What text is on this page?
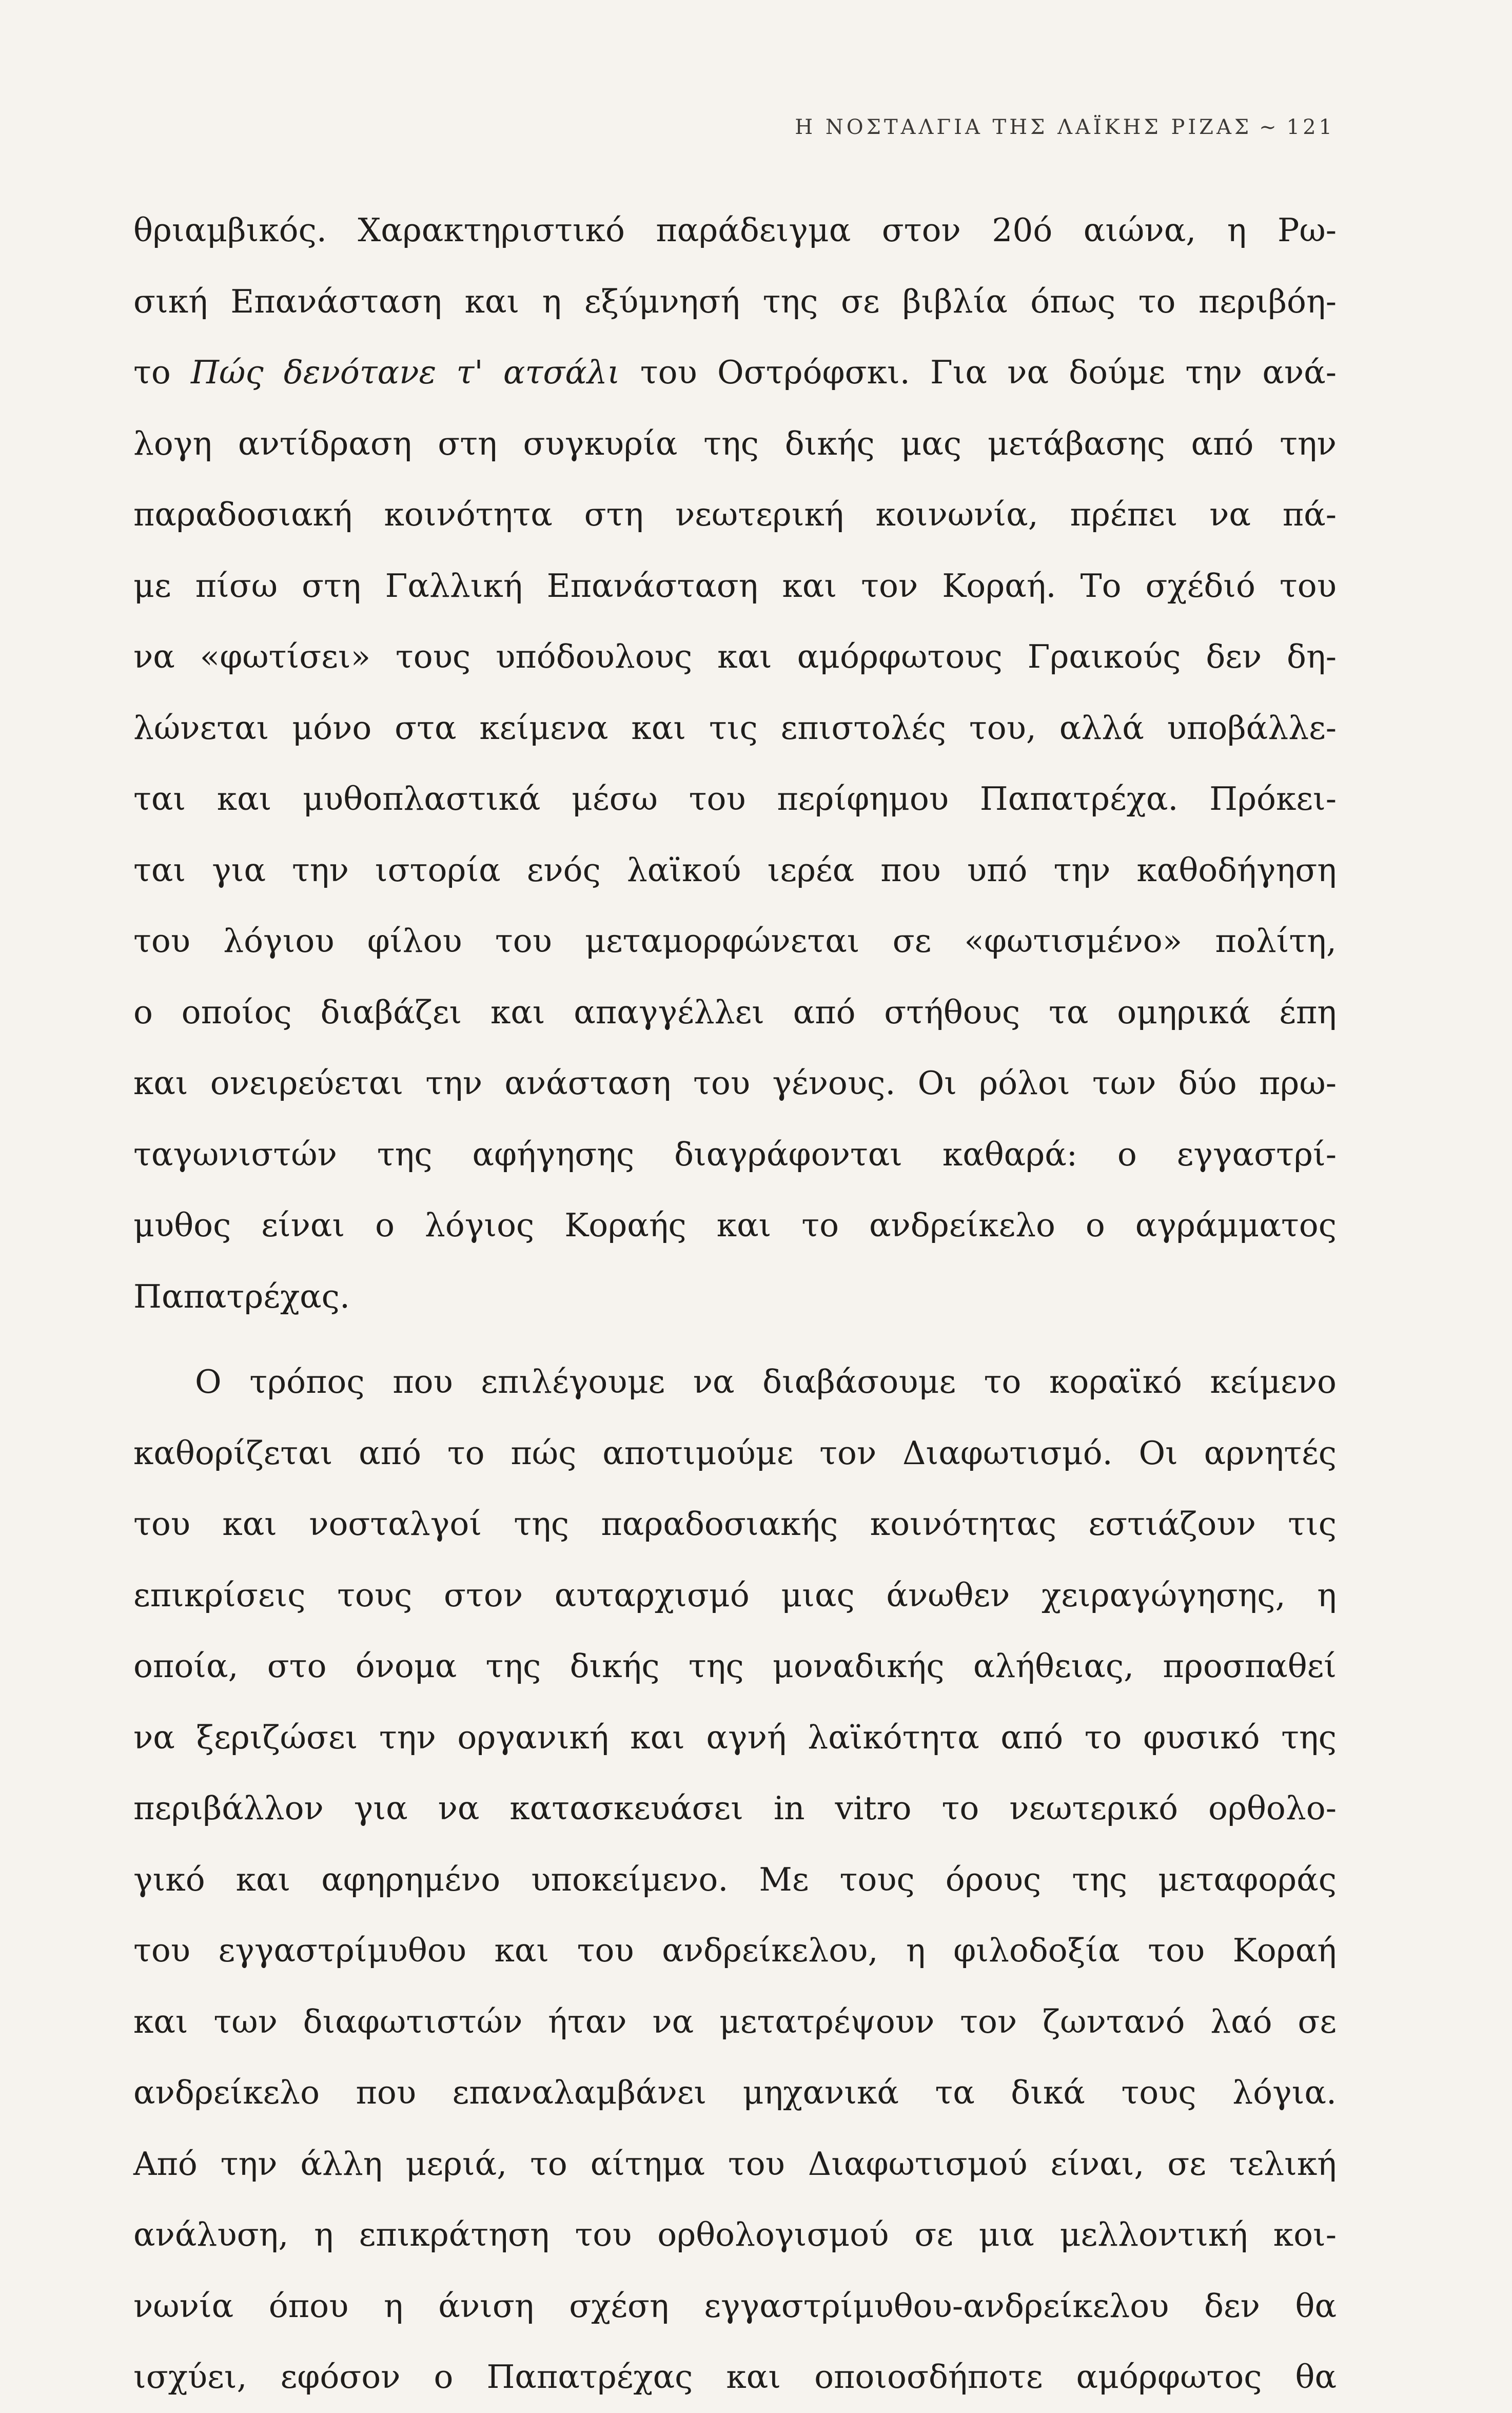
Η ΝΟΣΤΑΛΓΙΑ ΤΗΣ ΛΑΪΚΗΣ ΡΙΖΑΣ ~ 121
θριαμβικός. Χαρακτηριστικό παράδειγμα στον 20ό αιώνα, η Ρω-
σική Επανάσταση και η εξύμνησή της σε βιβλία όπως το περιβόη-
το Πώς δενότανε τ' ατσάλι του Οστρόφσκι. Για να δούμε την ανά-
λογη αντίδραση στη συγκυρία της δικής μας μετάβασης από την
παραδοσιακή κοινότητα στη νεωτερική κοινωνία, πρέπει να πά-
με πίσω στη Γαλλική Επανάσταση και τον Κοραή. Το σχέδιό του
να «φωτίσει» τους υπόδουλους και αμόρφωτους Γραικούς δεν δη-
λώνεται μόνο στα κείμενα και τις επιστολές του, αλλά υποβάλλε-
ται και μυθοπλαστικά μέσω του περίφημου Παπατρέχα. Πρόκει-
ται για την ιστορία ενός λαϊκού ιερέα που υπό την καθοδήγηση
του λόγιου φίλου του μεταμορφώνεται σε «φωτισμένο» πολίτη,
ο οποίος διαβάζει και απαγγέλλει από στήθους τα ομηρικά έπη
και ονειρεύεται την ανάσταση του γένους. Οι ρόλοι των δύο πρω-
ταγωνιστών της αφήγησης διαγράφονται καθαρά: ο εγγαστρί-
μυθος είναι ο λόγιος Κοραής και το ανδρείκελο ο αγράμματος
Παπατρέχας.
Ο τρόπος που επιλέγουμε να διαβάσουμε το κοραϊκό κείμενο
καθορίζεται από το πώς αποτιμούμε τον Διαφωτισμό. Οι αρνητές
του και νοσταλγοί της παραδοσιακής κοινότητας εστιάζουν τις
επικρίσεις τους στον αυταρχισμό μιας άνωθεν χειραγώγησης, η
οποία, στο όνομα της δικής της μοναδικής αλήθειας, προσπαθεί
να ξεριζώσει την οργανική και αγνή λαϊκότητα από το φυσικό της
περιβάλλον για να κατασκευάσει in vitro το νεωτερικό ορθολο-
γικό και αφηρημένο υποκείμενο. Με τους όρους της μεταφοράς
του εγγαστρίμυθου και του ανδρείκελου, η φιλοδοξία του Κοραή
και των διαφωτιστών ήταν να μετατρέψουν τον ζωντανό λαό σε
ανδρείκελο που επαναλαμβάνει μηχανικά τα δικά τους λόγια.
Από την άλλη μεριά, το αίτημα του Διαφωτισμού είναι, σε τελική
ανάλυση, η επικράτηση του ορθολογισμού σε μια μελλοντική κοι-
νωνία όπου η άνιση σχέση εγγαστρίμυθου-ανδρείκελου δεν θα
ισχύει, εφόσον ο Παπατρέχας και οποιοσδήποτε αμόρφωτος θα
